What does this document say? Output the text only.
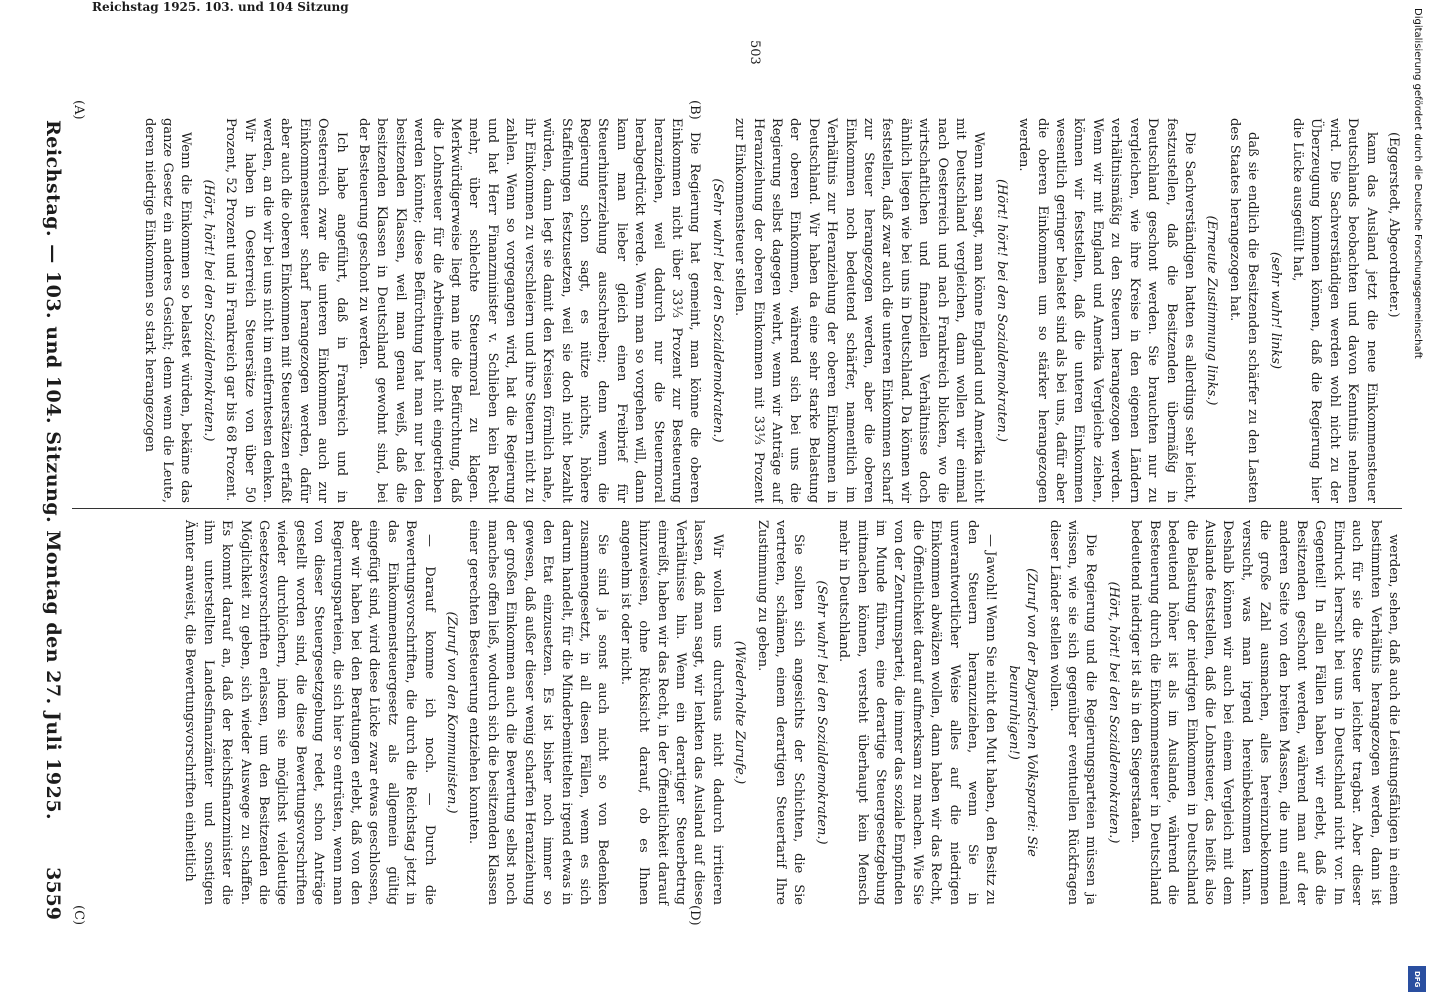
Reichstag. — 103. und 104. Sitzung. Montag den 27. Juli 1925.
3559

(Eggerstedt, Abgeordneter.)

kann das Ausland jetzt die neue Einkommensteuer Deutschlands beobachten und davon Kenntnis nehmen wird. Die Sachverständigen werden wohl nicht zu der Überzeugung kommen können, daß die Regierung hier die Lücke ausgefüllt hat,

(sehr wahr! links)

daß sie endlich die Besitzenden schärfer zu den Lasten des Staates herangezogen hat.

(Erneute Zustimmung links.)

Die Sachverständigen hatten es allerdings sehr leicht, festzustellen, daß die Besitzenden übermäßig in Deutschland geschont werden. Sie brauchten nur zu vergleichen, wie ihre Kreise in den eigenen Ländern verhältnismäßig zu den Steuern herangezogen werden. Wenn wir mit England und Amerika Vergleiche ziehen, können wir feststellen, daß die unteren Einkommen wesentlich geringer belastet sind als bei uns, dafür aber die oberen Einkommen um so stärker herangezogen werden.

(Hört! hört! bei den Sozialdemokraten.)

Wenn man sagt, man könne England und Amerika nicht mit Deutschland vergleichen, dann wollen wir einmal nach Oesterreich und nach Frankreich blicken, wo die wirtschaftlichen und finanziellen Verhältnisse doch ähnlich liegen wie bei uns in Deutschland. Da können wir feststellen, daß zwar auch die unteren Einkommen scharf zur Steuer herangezogen werden, aber die oberen Einkommen noch bedeutend schärfer, namentlich im Verhältnis zur Heranziehung der oberen Einkommen in Deutschland. Wir haben da eine sehr starke Belastung der oberen Einkommen, während sich bei uns die Regierung selbst dagegen wehrt, wenn wir Anträge auf Heranziehung der oberen Einkommen mit 33⅓ Prozent zur Einkommensteuer stellen.

(Sehr wahr! bei den Sozialdemokraten.)

Die Regierung hat gemeint, man könne die oberen Einkommen nicht über 33⅓ Prozent zur Besteuerung heranziehen, weil dadurch nur die Steuermoral herabgedrückt werde. Wenn man so vorgehen will, dann kann man lieber gleich einen Freibrief für Steuerhinterziehung ausschreiben; denn wenn die Regierung schon sagt, es nütze nichts, höhere Staffelungen festzusetzen, weil sie doch nicht bezahlt würden, dann legt sie damit den Kreisen förmlich nahe, ihr Einkommen zu verschleiern und ihre Steuern nicht zu zahlen. Wenn so vorgegangen wird, hat die Regierung und hat Herr Finanzminister v. Schlieben kein Recht mehr, über schlechte Steuermoral zu klagen. Merkwürdigerweise liegt man nie die Befürchtung, daß die Lohnsteuer für die Arbeitnehmer nicht eingetrieben werden könnte; diese Befürchtung hat man nur bei den besitzenden Klassen, weil man genau weiß, daß die besitzenden Klassen in Deutschland gewohnt sind, bei der Besteuerung geschont zu werden.

Ich habe angeführt, daß in Frankreich und in Oesterreich zwar die unteren Einkommen auch zur Einkommensteuer scharf herangezogen werden, dafür aber auch die oberen Einkommen mit Steuersätzen erfaßt werden, an die wir bei uns nicht im entferntesten denken. Wir haben in Oesterreich Steuersätze von über 50 Prozent, 52 Prozent und in Frankreich gar bis 68 Prozent.

(Hört, hört! bei den Sozialdemokraten.)

Wenn die Einkommen so belastet würden, bekäme das ganze Gesetz ein anderes Gesicht; denn wenn die Leute, deren niedrige Einkommen so stark herangezogen

werden, sehen, daß auch die Leistungsfähigen in einem bestimmten Verhältnis herangezogen werden, dann ist auch für sie die Steuer leichter tragbar. Aber dieser Eindruck herrscht bei uns in Deutschland nicht vor. Im Gegenteil! In allen Fällen haben wir erlebt, daß die Besitzenden geschont werden, während man auf der anderen Seite von den breiten Massen, die nun einmal die große Zahl ausmachen, alles hereinzubekommen versucht, was man irgend hereinbekommen kann. Deshalb können wir auch bei einem Vergleich mit dem Auslande feststellen, daß die Lohnsteuer, das heißt also die Belastung der niedrigen Einkommen in Deutschland bedeutend höher ist als im Auslande, während die Besteuerung durch die Einkommensteuer in Deutschland bedeutend niedriger ist als in den Siegerstaaten.

(Hört, hört! bei den Sozialdemokraten.)

Die Regierung und die Regierungsparteien müssen ja wissen, wie sie sich gegenüber eventuellen Rückfragen dieser Länder stellen wollen.

(Zuruf von der Bayerischen Volkspartei: Sie beunruhigen!)

— Jawohl! Wenn Sie nicht den Mut haben, den Besitz zu den Steuern heranzuziehen, wenn Sie in unverantwortlicher Weise alles auf die niedrigen Einkommen abwälzen wollen, dann haben wir das Recht, die Öffentlichkeit darauf aufmerksam zu machen. Wie Sie von der Zentrumspartei, die immer das soziale Empfinden im Munde führen, eine derartige Steuergesetzgebung mitmachen können, versteht überhaupt kein Mensch mehr in Deutschland.

(Sehr wahr! bei den Sozialdemokraten.)

Sie sollten sich angesichts der Schichten, die Sie vertreten, schämen, einem derartigen Steuertarif Ihre Zustimmung zu geben.

(Wiederholte Zurufe.)

Wir wollen uns durchaus nicht dadurch irritieren lassen, daß man sagt, wir lenkten das Ausland auf diese Verhältnisse hin. Wenn ein derartiger Steuerbetrug einreißt, haben wir das Recht, in der Öffentlichkeit darauf hinzuweisen, ohne Rücksicht darauf, ob es Ihnen angenehm ist oder nicht.

Sie sind ja sonst auch nicht so von Bedenken zusammengesetzt, in all diesen Fällen, wenn es sich darum handelt, für die Minderbemittelten irgend etwas in den Etat einzusetzen. Es ist bisher noch immer so gewesen, daß außer dieser wenig scharfen Heranziehung der großen Einkommen auch die Bewertung selbst noch manches offen ließ, wodurch sich die besitzenden Klassen einer gerechten Besteuerung entziehen konnten.

(Zuruf von den Kommunisten.)

— Darauf komme ich noch. — Durch die Bewertungsvorschriften, die durch die Reichstag jetzt in das Einkommensteuergesetz als allgemein gültig eingefügt sind, wird diese Lücke zwar etwas geschlossen, aber wir haben bei den Beratungen erlebt, daß von den Regierungsparteien, die sich hier so entrüsten, wenn man von dieser Steuergesetzgebung redet, schon Anträge gestellt worden sind, die diese Bewertungsvorschriften wieder durchlöchern, indem sie möglichst vieldeutige Gesetzesvorschriften erlassen, um den Besitzenden die Möglichkeit zu geben, sich wieder Auswege zu schaffen. Es kommt darauf an, daß der Reichsfinanzminister die ihm unterstellten Landesfinanzämter und sonstigen Ämter anweist, die Bewertungsvorschriften einheitlich

(A)	(B)
(C)	(D)
Reichstag 1925. 103. und 104 Sitzung
503	Digitalisierung gefördert durch die Deutsche Forschungsgemeinschaft
DFG
